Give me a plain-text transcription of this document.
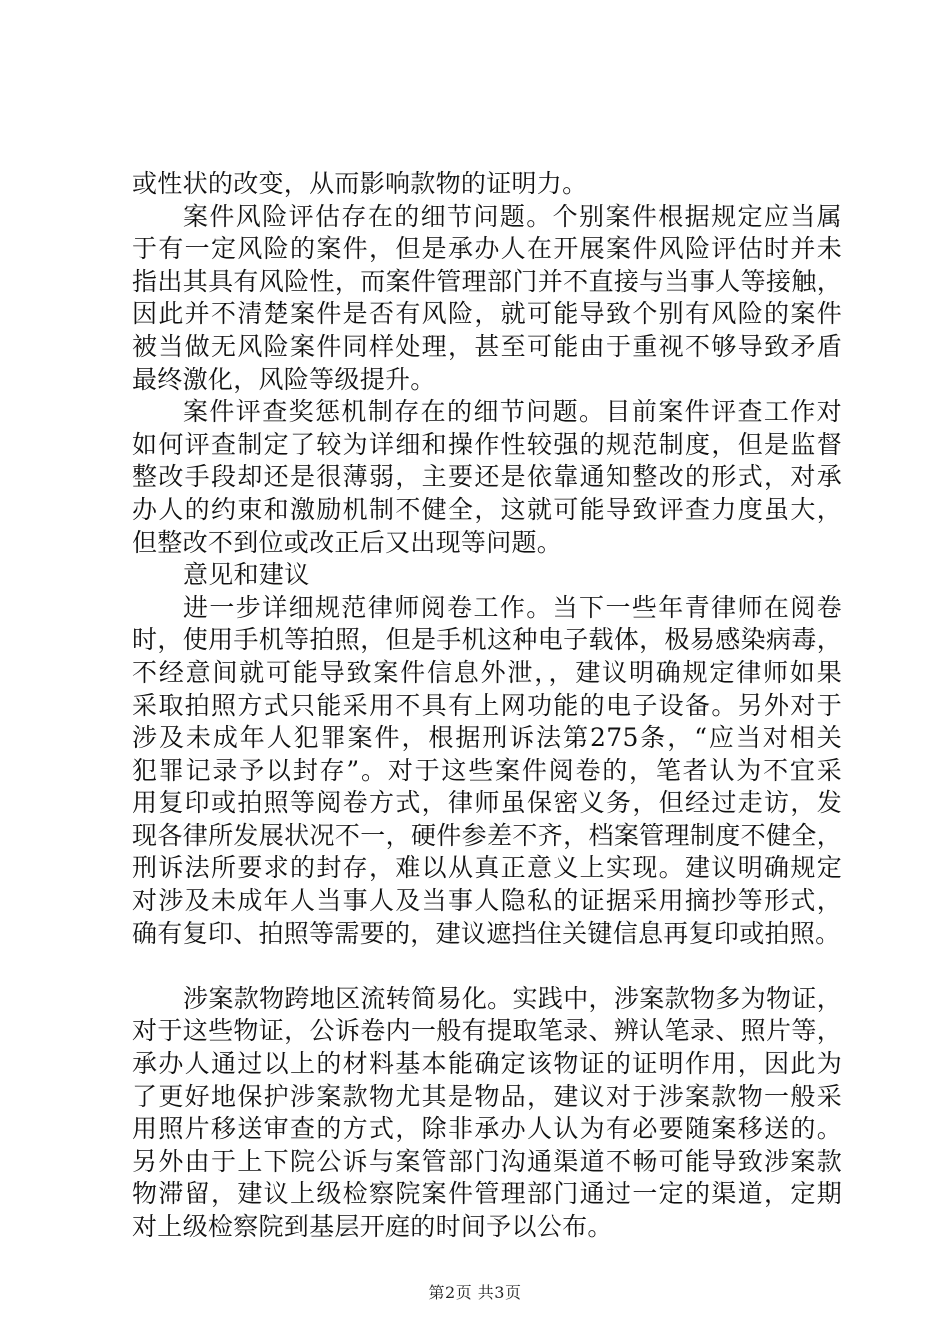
或性状的改变，从而影响款物的证明力。
案件风险评估存在的细节问题。个别案件根据规定应当属
于有一定风险的案件，但是承办人在开展案件风险评估时并未
指出其具有风险性，而案件管理部门并不直接与当事人等接触，
因此并不清楚案件是否有风险，就可能导致个别有风险的案件
被当做无风险案件同样处理，甚至可能由于重视不够导致矛盾
最终激化，风险等级提升。
案件评查奖惩机制存在的细节问题。目前案件评查工作对
如何评查制定了较为详细和操作性较强的规范制度，但是监督
整改手段却还是很薄弱，主要还是依靠通知整改的形式，对承
办人的约束和激励机制不健全，这就可能导致评查力度虽大，
但整改不到位或改正后又出现等问题。
意见和建议
进一步详细规范律师阅卷工作。当下一些年青律师在阅卷
时，使用手机等拍照，但是手机这种电子载体，极易感染病毒，
不经意间就可能导致案件信息外泄，，建议明确规定律师如果
采取拍照方式只能采用不具有上网功能的电子设备。另外对于
涉及未成年人犯罪案件，根据刑诉法第275条，“应当对相关
犯罪记录予以封存”。对于这些案件阅卷的，笔者认为不宜采
用复印或拍照等阅卷方式，律师虽保密义务，但经过走访，发
现各律所发展状况不一，硬件参差不齐，档案管理制度不健全，
刑诉法所要求的封存，难以从真正意义上实现。建议明确规定
对涉及未成年人当事人及当事人隐私的证据采用摘抄等形式，
确有复印、拍照等需要的，建议遮挡住关键信息再复印或拍照。
涉案款物跨地区流转简易化。实践中，涉案款物多为物证，
对于这些物证，公诉卷内一般有提取笔录、辨认笔录、照片等，
承办人通过以上的材料基本能确定该物证的证明作用，因此为
了更好地保护涉案款物尤其是物品，建议对于涉案款物一般采
用照片移送审查的方式，除非承办人认为有必要随案移送的。
另外由于上下院公诉与案管部门沟通渠道不畅可能导致涉案款
物滞留，建议上级检察院案件管理部门通过一定的渠道，定期
对上级检察院到基层开庭的时间予以公布。
第2页 共3页
